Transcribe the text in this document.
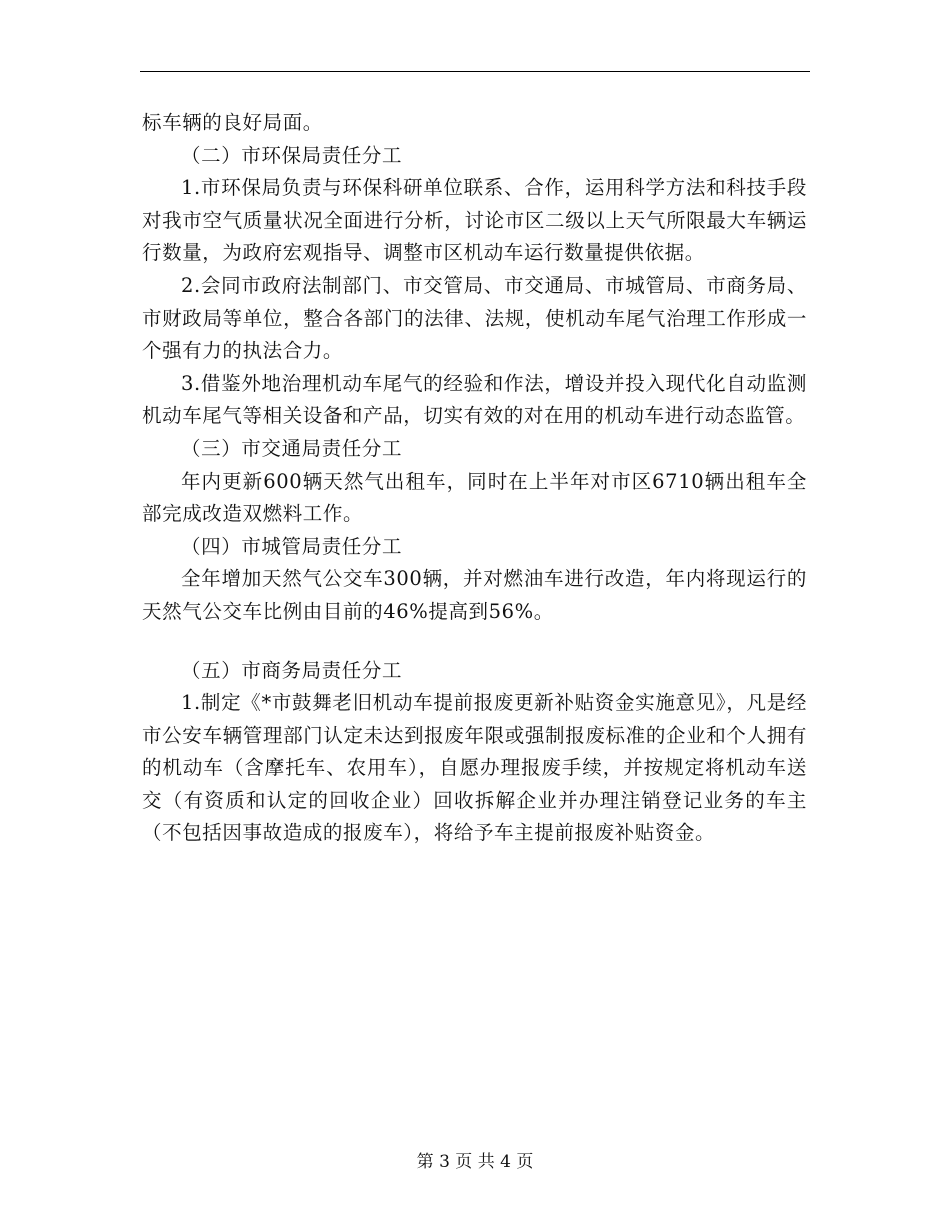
标车辆的良好局面。

（二）市环保局责任分工

1.市环保局负责与环保科研单位联系、合作，运用科学方法和科技手段对我市空气质量状况全面进行分析，讨论市区二级以上天气所限最大车辆运行数量，为政府宏观指导、调整市区机动车运行数量提供依据。

2.会同市政府法制部门、市交管局、市交通局、市城管局、市商务局、市财政局等单位，整合各部门的法律、法规，使机动车尾气治理工作形成一个强有力的执法合力。

3.借鉴外地治理机动车尾气的经验和作法，增设并投入现代化自动监测机动车尾气等相关设备和产品，切实有效的对在用的机动车进行动态监管。

（三）市交通局责任分工

年内更新600辆天然气出租车，同时在上半年对市区6710辆出租车全部完成改造双燃料工作。

（四）市城管局责任分工

全年增加天然气公交车300辆，并对燃油车进行改造，年内将现运行的天然气公交车比例由目前的46%提高到56%。

（五）市商务局责任分工

1.制定《*市鼓舞老旧机动车提前报废更新补贴资金实施意见》，凡是经市公安车辆管理部门认定未达到报废年限或强制报废标准的企业和个人拥有的机动车（含摩托车、农用车），自愿办理报废手续，并按规定将机动车送交（有资质和认定的回收企业）回收拆解企业并办理注销登记业务的车主（不包括因事故造成的报废车），将给予车主提前报废补贴资金。

第 3 页 共 4 页
